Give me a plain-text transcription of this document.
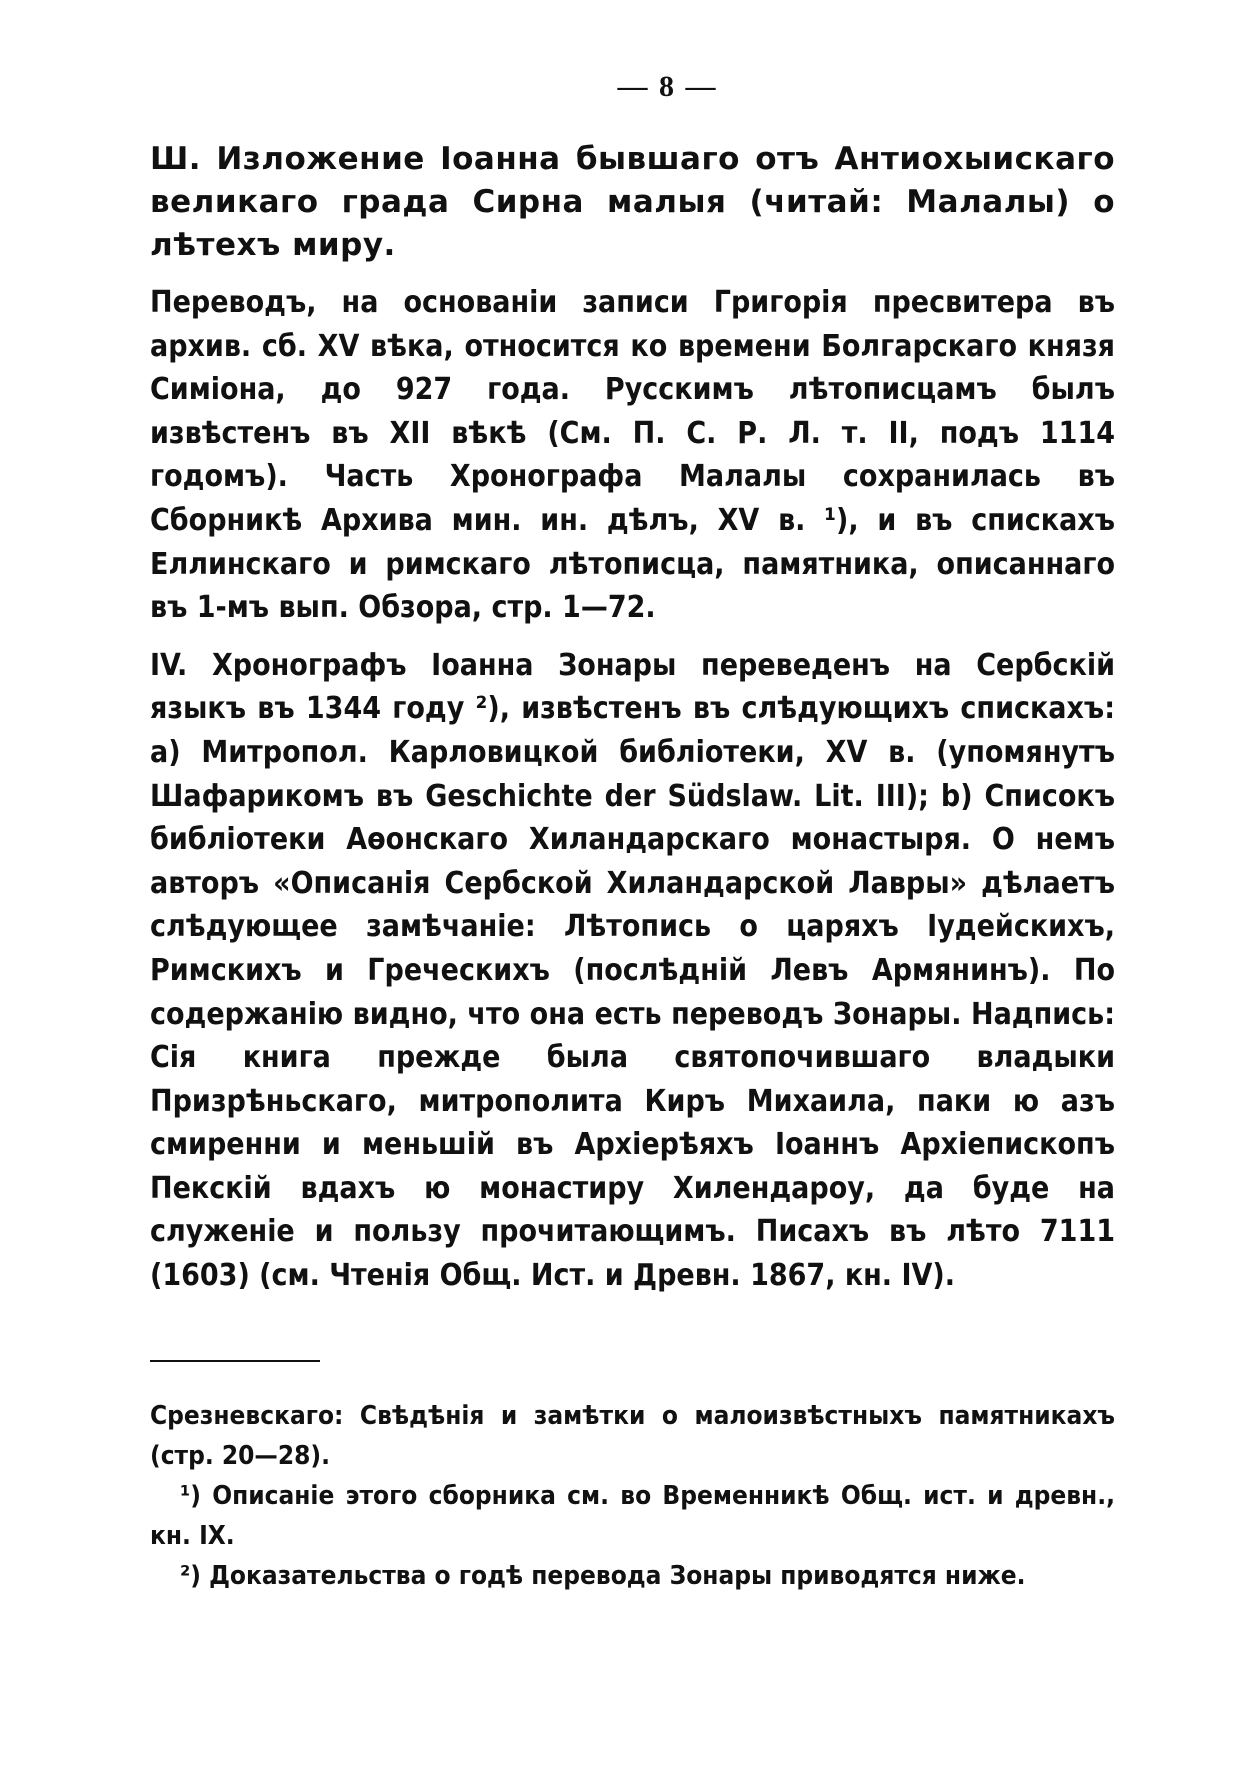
— 8 —

Ш. Изложение Іоанна бывшаго отъ Антиохыискаго великаго града Сирна малыя (читай: Малалы) о лѣтехъ миру.

Переводъ, на основаніи записи Григорія пресвитера въ архив. сб. XV вѣка, относится ко времени Болгарскаго князя Симіона, до 927 года. Русскимъ лѣтописцамъ былъ извѣстенъ въ XII вѣкѣ (См. П. С. Р. Л. т. II, подъ 1114 годомъ). Часть Хронографа Малалы сохранилась въ Сборникѣ Архива мин. ин. дѣлъ, XV в. ¹), и въ спискахъ Еллинскаго и римскаго лѣтописца, памятника, описаннаго въ 1-мъ вып. Обзора, стр. 1—72.

IV. Хронографъ Іоанна Зонары переведенъ на Сербскій языкъ въ 1344 году ²), извѣстенъ въ слѣдующихъ спискахъ: а) Митропол. Карловицкой библіотеки, XV в. (упомянутъ Шафарикомъ въ Geschichte der Südslaw. Lit. III); b) Списокъ библіотеки Аѳонскаго Хиландарскаго монастыря. О немъ авторъ «Описанія Сербской Хиландарской Лавры» дѣлаетъ слѣдующее замѣчаніе: Лѣтопись о царяхъ Іудейскихъ, Римскихъ и Греческихъ (послѣдній Левъ Армянинъ). По содержанію видно, что она есть переводъ Зонары. Надпись: Сія книга прежде была святопочившаго владыки Призрѣньскаго, митрополита Киръ Михаила, паки ю азъ смиренни и меньшій въ Архіерѣяхъ Іоаннъ Архіепископъ Пекскій вдахъ ю монастиру Хилендароу, да буде на служеніе и пользу прочитающимъ. Писахъ въ лѣто 7111 (1603) (см. Чтенія Общ. Ист. и Древн. 1867, кн. IV).

Срезневскаго: Свѣдѣнія и замѣтки о малоизвѣстныхъ памятникахъ (стр. 20—28).

¹) Описаніе этого сборника см. во Временникѣ Общ. ист. и древн., кн. IX.

²) Доказательства о годѣ перевода Зонары приводятся ниже.
